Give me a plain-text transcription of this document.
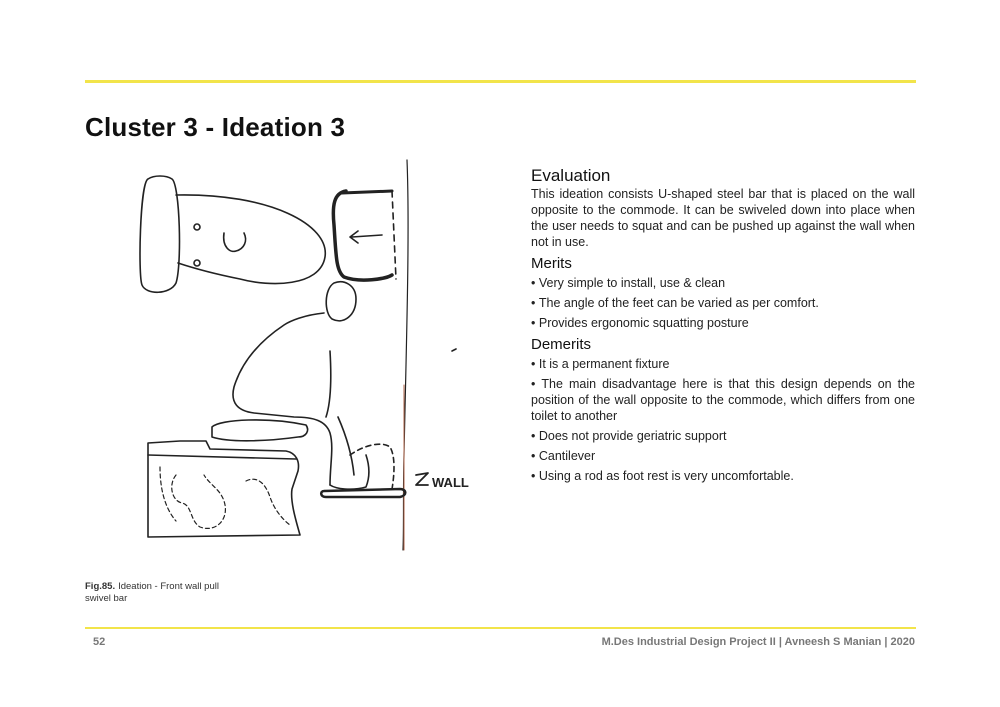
Cluster 3 - Ideation 3
WALL
Fig.85. Ideation - Front wall pull swivel bar
Evaluation

This ideation consists U-shaped steel bar that is placed on the wall opposite to the commode. It can be swiveled down into place when the user needs to squat and can be pushed up against the wall when not in use.

Merits
• Very simple to install, use & clean
• The angle of the feet can be varied as per comfort.
• Provides ergonomic squatting posture
Demerits
• It is a permanent fixture
• The main disadvantage here is that this design depends on the position of the wall opposite to the commode, which differs from one toilet to another
• Does not provide geriatric support
• Cantilever
• Using a rod as foot rest is very uncomfortable.
52	M.Des Industrial Design Project II | Avneesh S Manian | 2020
